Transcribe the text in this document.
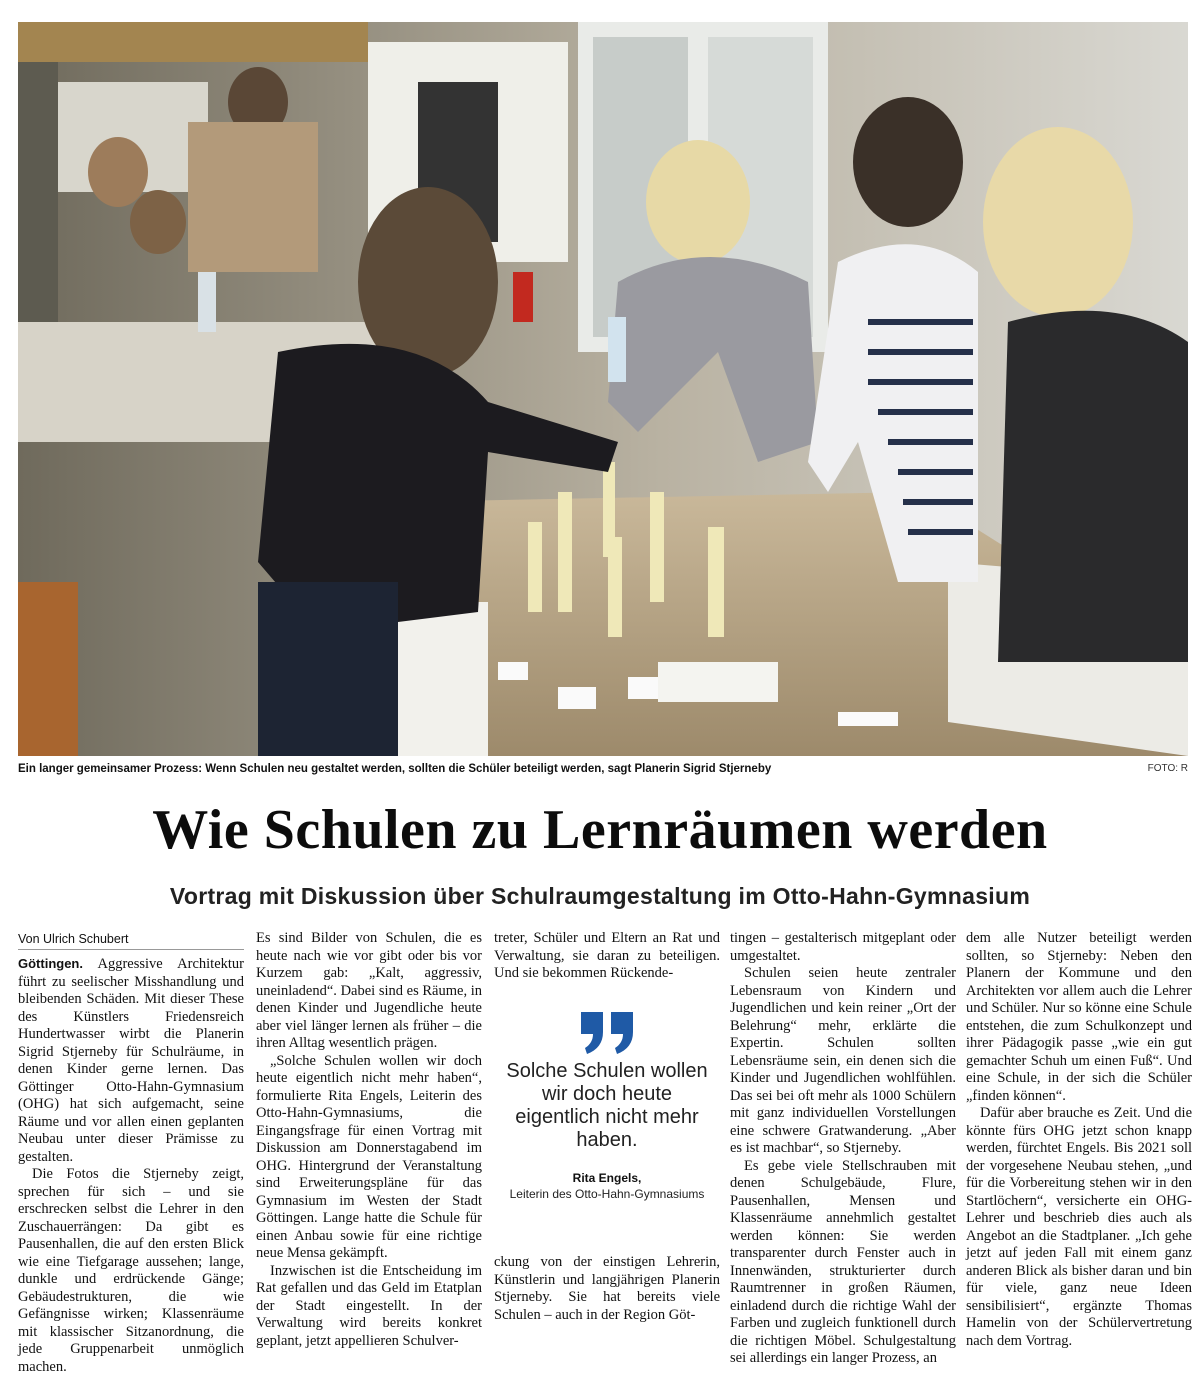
Ein langer gemeinsamer Prozess: Wenn Schulen neu gestaltet werden, sollten die Schüler beteiligt werden, sagt Planerin Sigrid Stjerneby	FOTO: R
Wie Schulen zu Lernräumen werden
Vortrag mit Diskussion über Schulraumgestaltung im Otto-Hahn-Gymnasium
Von Ulrich Schubert

Göttingen. Aggressive Architektur führt zu seelischer Misshandlung und bleibenden Schäden. Mit dieser These des Künstlers Friedensreich Hundertwasser wirbt die Planerin Sigrid Stjerneby für Schulräume, in denen Kinder gerne lernen. Das Göttinger Otto-Hahn-Gymnasium (OHG) hat sich aufgemacht, seine Räume und vor allen einen geplanten Neubau unter dieser Prämisse zu gestalten.

Die Fotos die Stjerneby zeigt, sprechen für sich – und sie erschrecken selbst die Lehrer in den Zuschauerrängen: Da gibt es Pausenhallen, die auf den ersten Blick wie eine Tiefgarage aussehen; lange, dunkle und erdrückende Gänge; Gebäudestrukturen, die wie Gefängnisse wirken; Klassenräume mit klassischer Sitzanordnung, die jede Gruppenarbeit unmöglich machen.

Es sind Bilder von Schulen, die es heute nach wie vor gibt oder bis vor Kurzem gab: „Kalt, aggressiv, uneinladend“. Dabei sind es Räume, in denen Kinder und Jugendliche heute aber viel länger lernen als früher – die ihren Alltag wesentlich prägen.

„Solche Schulen wollen wir doch heute eigentlich nicht mehr haben“, formulierte Rita Engels, Leiterin des Otto-Hahn-Gymnasiums, die Eingangsfrage für einen Vortrag mit Diskussion am Donnerstagabend im OHG. Hintergrund der Veranstaltung sind Erweiterungspläne für das Gymnasium im Westen der Stadt Göttingen. Lange hatte die Schule für einen Anbau sowie für eine richtige neue Mensa gekämpft.

Inzwischen ist die Entscheidung im Rat gefallen und das Geld im Etatplan der Stadt eingestellt. In der Verwaltung wird bereits konkret geplant, jetzt appellieren Schulver-

treter, Schüler und Eltern an Rat und Verwaltung, sie daran zu beteiligen. Und sie bekommen Rückende-

Solche Schulen wollen wir doch heute eigentlich nicht mehr haben.
Rita Engels,
Leiterin des Otto-Hahn-Gymnasiums

ckung von der einstigen Lehrerin, Künstlerin und langjährigen Planerin Stjerneby. Sie hat bereits viele Schulen – auch in der Region Göt-

tingen – gestalterisch mitgeplant oder umgestaltet.

Schulen seien heute zentraler Lebensraum von Kindern und Jugendlichen und kein reiner „Ort der Belehrung“ mehr, erklärte die Expertin. Schulen sollten Lebensräume sein, ein denen sich die Kinder und Jugendlichen wohlfühlen. Das sei bei oft mehr als 1000 Schülern mit ganz individuellen Vorstellungen eine schwere Gratwanderung. „Aber es ist machbar“, so Stjerneby.

Es gebe viele Stellschrauben mit denen Schulgebäude, Flure, Pausenhallen, Mensen und Klassenräume annehmlich gestaltet werden können: Sie werden transparenter durch Fenster auch in Innenwänden, strukturierter durch Raumtrenner in großen Räumen, einladend durch die richtige Wahl der Farben und zugleich funktionell durch die richtigen Möbel. Schulgestaltung sei allerdings ein langer Prozess, an

dem alle Nutzer beteiligt werden sollten, so Stjerneby: Neben den Planern der Kommune und den Architekten vor allem auch die Lehrer und Schüler. Nur so könne eine Schule entstehen, die zum Schulkonzept und ihrer Pädagogik passe „wie ein gut gemachter Schuh um einen Fuß“. Und eine Schule, in der sich die Schüler „finden können“.

Dafür aber brauche es Zeit. Und die könnte fürs OHG jetzt schon knapp werden, fürchtet Engels. Bis 2021 soll der vorgesehene Neubau stehen, „und für die Vorbereitung stehen wir in den Startlöchern“, versicherte ein OHG-Lehrer und beschrieb dies auch als Angebot an die Stadtplaner. „Ich gehe jetzt auf jeden Fall mit einem ganz anderen Blick als bisher daran und bin für viele, ganz neue Ideen sensibilisiert“, ergänzte Thomas Hamelin von der Schülervertretung nach dem Vortrag.
